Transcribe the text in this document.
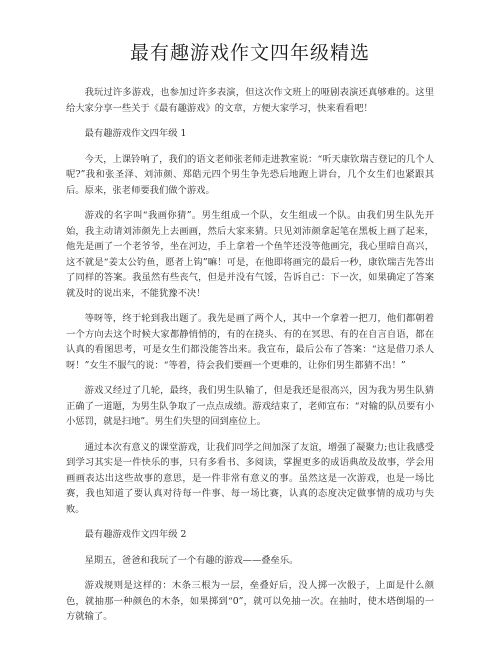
最有趣游戏作文四年级精选

我玩过许多游戏，也参加过许多表演，但这次作文班上的哑剧表演还真够难的。这里给大家分享一些关于《最有趣游戏》的文章，方便大家学习，快来看看吧！

最有趣游戏作文四年级 1

今天，上课铃响了，我们的语文老师张老师走进教室说：“听天康钦瑞吉登记的几个人呢?”我和张圣泽、刘沛颜、郑皓元四个男生争先恐后地跑上讲台，几个女生们也紧跟其后。原来，张老师要我们做个游戏。

游戏的名字叫“我画你猜”。男生组成一个队，女生组成一个队。由我们男生队先开始，我主动请刘沛颜先上去画画，然后大家来猜。只见刘沛颜拿起笔在黑板上画了起来，他先是画了一个老爷爷，坐在河边，手上拿着一个鱼竿还没等他画完，我心里暗自高兴，这不就是“姜太公钓鱼，愿者上钩”嘛！可是，在他即将画完的最后一秒，康钦瑞吉先答出了同样的答案。我虽然有些丧气，但是并没有气馁，告诉自己：下一次，如果确定了答案就及时的说出来，不能犹豫不决！

等呀等，终于轮到我出题了。我先是画了两个人，其中一个拿着一把刀，他们都朝着一个方向去这个时候大家都静悄悄的，有的在挠头、有的在冥思、有的在自言自语，都在认真的看图思考，可是女生们都没能答出来。我宣布，最后公布了答案：“这是借刀杀人呀！”女生不服气的说：“等着，待会我们要画一个更难的，让你们男生都猜不出！”

游戏又经过了几轮，最终，我们男生队输了，但是我还是很高兴，因为我为男生队猜正确了一道题，为男生队争取了一点点成绩。游戏结束了，老师宣布：“对输的队员要有小小惩罚，就是扫地”。男生们失望的回到座位上。

通过本次有意义的课堂游戏，让我们同学之间加深了友谊，增强了凝聚力;也让我感受到学习其实是一件快乐的事，只有多看书、多阅读，掌握更多的成语典故及故事，学会用画画表达出这些故事的意思，是一件非常有意义的事。虽然这是一次游戏，也是一场比赛，我也知道了要认真对待每一件事、每一场比赛，认真的态度决定做事情的成功与失败。

最有趣游戏作文四年级 2

星期五，爸爸和我玩了一个有趣的游戏——叠垒乐。

游戏规则是这样的：木条三根为一层，垒叠好后，没人掷一次骰子，上面是什么颜色，就抽那一种颜色的木条，如果掷到“0”，就可以免抽一次。在抽时，使木塔倒塌的一方就输了。
